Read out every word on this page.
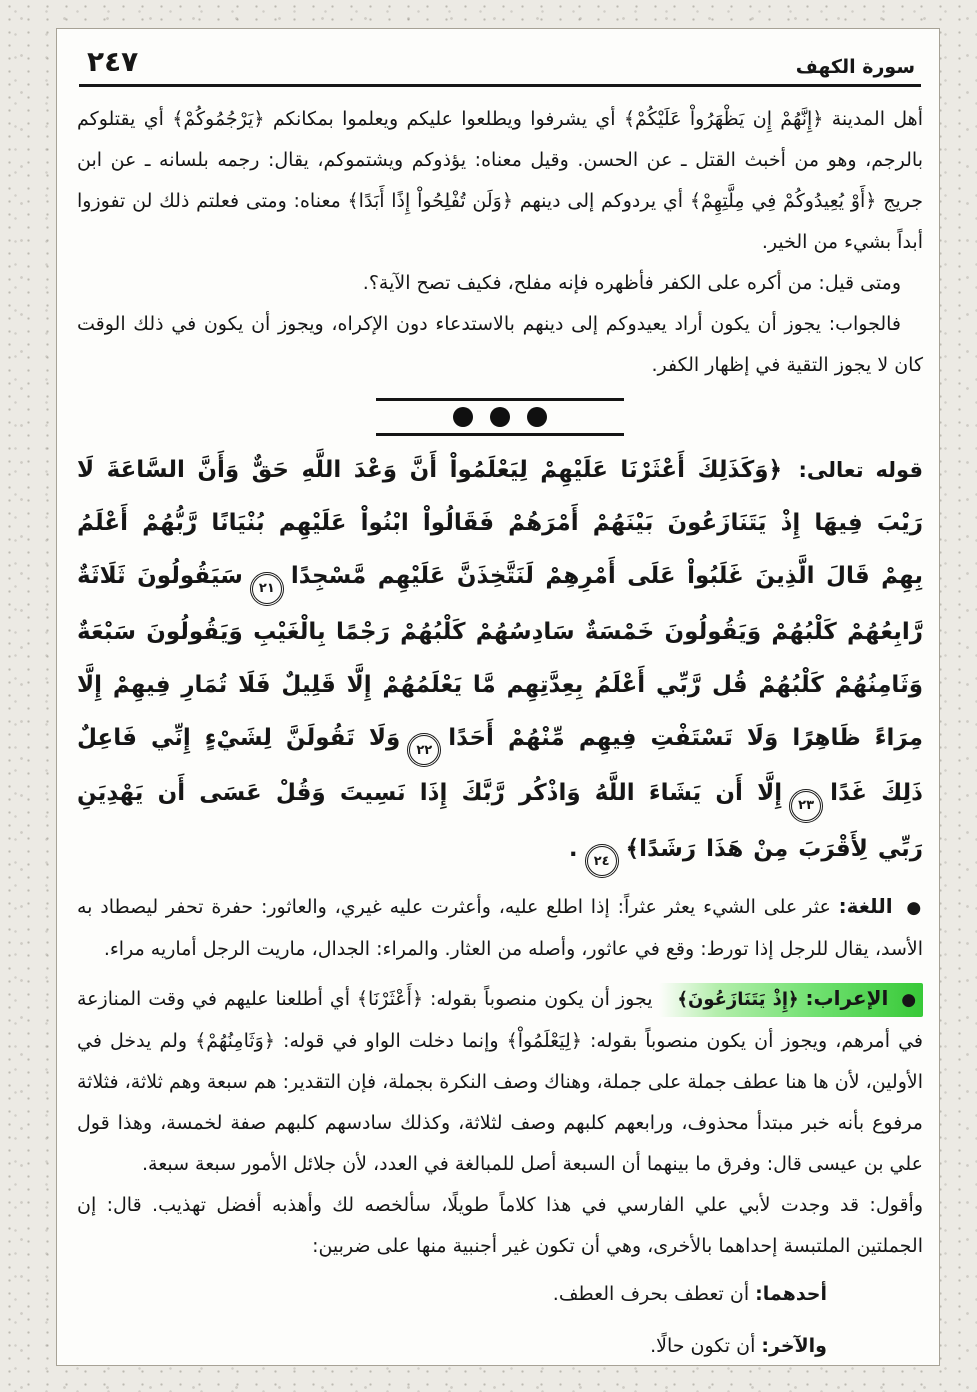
سورة الكهف
٢٤٧

أهل المدينة ﴿إِنَّهُمْ إِن يَظْهَرُواْ عَلَيْكُمْ﴾ أي يشرفوا ويطلعوا عليكم ويعلموا بمكانكم ﴿يَرْجُمُوكُمْ﴾ أي يقتلوكم بالرجم، وهو من أخبث القتل ـ عن الحسن. وقيل معناه: يؤذوكم ويشتموكم، يقال: رجمه بلسانه ـ عن ابن جريج ﴿أَوْ يُعِيدُوكُمْ فِي مِلَّتِهِمْ﴾ أي يردوكم إلى دينهم ﴿وَلَن تُفْلِحُواْ إِذًا أَبَدًا﴾ معناه: ومتى فعلتم ذلك لن تفوزوا أبداً بشيء من الخير.

ومتى قيل: من أكره على الكفر فأظهره فإنه مفلح، فكيف تصح الآية؟.

فالجواب: يجوز أن يكون أراد يعيدوكم إلى دينهم بالاستدعاء دون الإكراه، ويجوز أن يكون في ذلك الوقت كان لا يجوز التقية في إظهار الكفر.

قوله تعالى: ﴿وَكَذَلِكَ أَعْثَرْنَا عَلَيْهِمْ لِيَعْلَمُواْ أَنَّ وَعْدَ اللَّهِ حَقٌّ وَأَنَّ السَّاعَةَ لَا رَيْبَ فِيهَا إِذْ يَتَنَازَعُونَ بَيْنَهُمْ أَمْرَهُمْ فَقَالُواْ ابْنُواْ عَلَيْهِم بُنْيَانًا رَّبُّهُمْ أَعْلَمُ بِهِمْ قَالَ الَّذِينَ غَلَبُواْ عَلَى أَمْرِهِمْ لَنَتَّخِذَنَّ عَلَيْهِم مَّسْجِدًا٢١سَيَقُولُونَ ثَلَاثَةٌ رَّابِعُهُمْ كَلْبُهُمْ وَيَقُولُونَ خَمْسَةٌ سَادِسُهُمْ كَلْبُهُمْ رَجْمًا بِالْغَيْبِ وَيَقُولُونَ سَبْعَةٌ وَثَامِنُهُمْ كَلْبُهُمْ قُل رَّبِّي أَعْلَمُ بِعِدَّتِهِم مَّا يَعْلَمُهُمْ إِلَّا قَلِيلٌ فَلَا تُمَارِ فِيهِمْ إِلَّا مِرَاءً ظَاهِرًا وَلَا تَسْتَفْتِ فِيهِم مِّنْهُمْ أَحَدًا٢٢وَلَا تَقُولَنَّ لِشَيْءٍ إِنِّي فَاعِلٌ ذَلِكَ غَدًا٢٣إِلَّا أَن يَشَاءَ اللَّهُ وَاذْكُر رَّبَّكَ إِذَا نَسِيتَ وَقُلْ عَسَى أَن يَهْدِيَنِ رَبِّي لِأَقْرَبَ مِنْ هَذَا رَشَدًا﴾٢٤.

● اللغة: عثر على الشيء يعثر عثراً: إذا اطلع عليه، وأعثرت عليه غيري، والعاثور: حفرة تحفر ليصطاد به الأسد، يقال للرجل إذا تورط: وقع في عاثور، وأصله من العثار. والمراء: الجدال، ماريت الرجل أماريه مراء.

● الإعراب: ﴿إِذْ يَتَنَازَعُونَ﴾ يجوز أن يكون منصوباً بقوله: ﴿أَعْثَرْنَا﴾ أي أطلعنا عليهم في وقت المنازعة في أمرهم، ويجوز أن يكون منصوباً بقوله: ﴿لِيَعْلَمُواْ﴾ وإنما دخلت الواو في قوله: ﴿وَثَامِنُهُمْ﴾ ولم يدخل في الأولين، لأن ها هنا عطف جملة على جملة، وهناك وصف النكرة بجملة، فإن التقدير: هم سبعة وهم ثلاثة، فثلاثة مرفوع بأنه خبر مبتدأ محذوف، ورابعهم كلبهم وصف لثلاثة، وكذلك سادسهم كلبهم صفة لخمسة، وهذا قول علي بن عيسى قال: وفرق ما بينهما أن السبعة أصل للمبالغة في العدد، لأن جلائل الأمور سبعة سبعة.

وأقول: قد وجدت لأبي علي الفارسي في هذا كلاماً طويلًا، سألخصه لك وأهذبه أفضل تهذيب. قال: إن الجملتين الملتبسة إحداهما بالأخرى، وهي أن تكون غير أجنبية منها على ضربين:

أحدهما: أن تعطف بحرف العطف.

والآخر: أن تكون حالًا.
